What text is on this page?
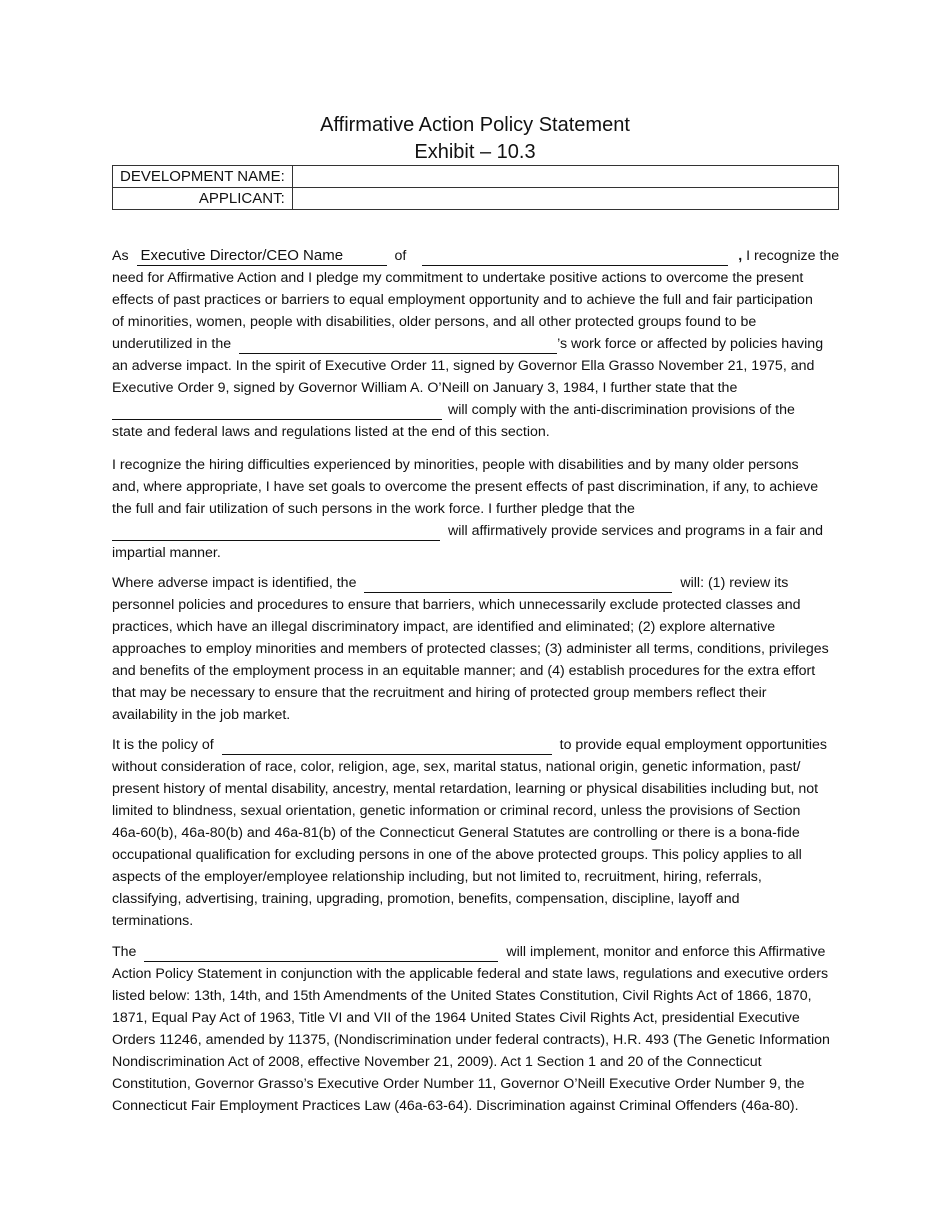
Affirmative Action Policy Statement
Exhibit – 10.3
DEVELOPMENT NAME:	
APPLICANT:	
As Executive Director/CEO Name	of	, I recognize the
need for Affirmative Action and I pledge my commitment to undertake positive actions to overcome the present
effects of past practices or barriers to equal employment opportunity and to achieve the full and fair participation
of minorities, women, people with disabilities, older persons, and all other protected groups found to be
underutilized in the	’s work force or affected by policies having
an adverse impact. In the spirit of Executive Order 11, signed by Governor Ella Grasso November 21, 1975, and
Executive Order 9, signed by Governor William A. O’Neill on January 3, 1984, I further state that the
will comply with the anti-discrimination provisions of the
state and federal laws and regulations listed at the end of this section.
I recognize the hiring difficulties experienced by minorities, people with disabilities and by many older persons
and, where appropriate, I have set goals to overcome the present effects of past discrimination, if any, to achieve
the full and fair utilization of such persons in the work force. I further pledge that the
will affirmatively provide services and programs in a fair and
impartial manner.
Where adverse impact is identified, the	will: (1) review its
personnel policies and procedures to ensure that barriers, which unnecessarily exclude protected classes and
practices, which have an illegal discriminatory impact, are identified and eliminated; (2) explore alternative
approaches to employ minorities and members of protected classes; (3) administer all terms, conditions, privileges
and benefits of the employment process in an equitable manner; and (4) establish procedures for the extra effort
that may be necessary to ensure that the recruitment and hiring of protected group members reflect their
availability in the job market.
It is the policy of	to provide equal employment opportunities
without consideration of race, color, religion, age, sex, marital status, national origin, genetic information, past/
present history of mental disability, ancestry, mental retardation, learning or physical disabilities including but, not
limited to blindness, sexual orientation, genetic information or criminal record, unless the provisions of Section
46a-60(b), 46a-80(b) and 46a-81(b) of the Connecticut General Statutes are controlling or there is a bona-fide
occupational qualification for excluding persons in one of the above protected groups. This policy applies to all
aspects of the employer/employee relationship including, but not limited to, recruitment, hiring, referrals,
classifying, advertising, training, upgrading, promotion, benefits, compensation, discipline, layoff and
terminations.
The	will implement, monitor and enforce this Affirmative
Action Policy Statement in conjunction with the applicable federal and state laws, regulations and executive orders
listed below: 13th, 14th, and 15th Amendments of the United States Constitution, Civil Rights Act of 1866, 1870,
1871, Equal Pay Act of 1963, Title VI and VII of the 1964 United States Civil Rights Act, presidential Executive
Orders 11246, amended by 11375, (Nondiscrimination under federal contracts), H.R. 493 (The Genetic Information
Nondiscrimination Act of 2008, effective November 21, 2009). Act 1 Section 1 and 20 of the Connecticut
Constitution, Governor Grasso’s Executive Order Number 11, Governor O’Neill Executive Order Number 9, the
Connecticut Fair Employment Practices Law (46a-63-64). Discrimination against Criminal Offenders (46a-80).
